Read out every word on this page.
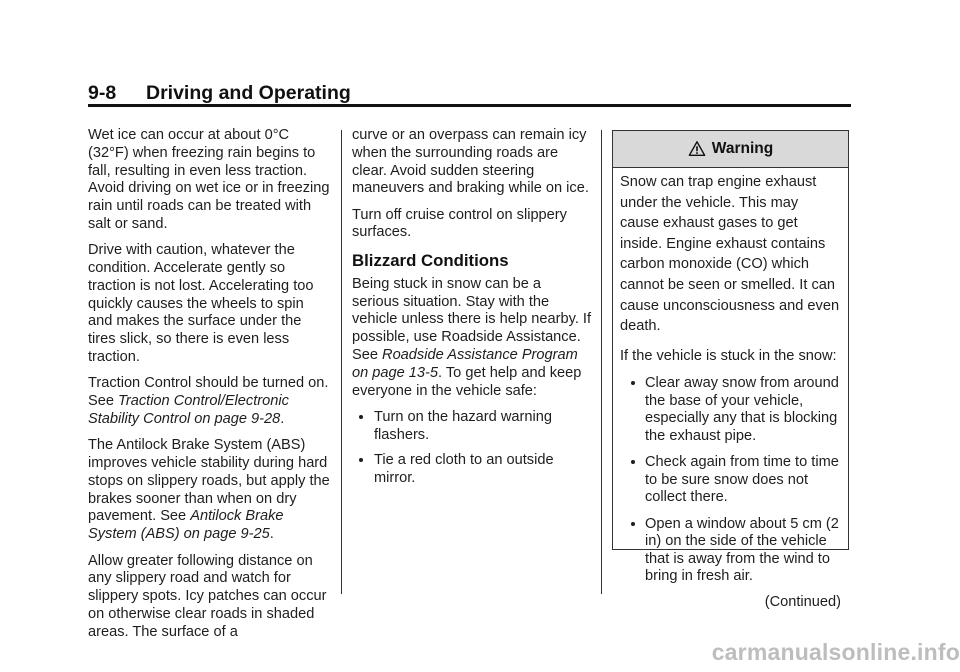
9-8 Driving and Operating

Wet ice can occur at about 0°C (32°F) when freezing rain begins to fall, resulting in even less traction. Avoid driving on wet ice or in freezing rain until roads can be treated with salt or sand.

Drive with caution, whatever the condition. Accelerate gently so traction is not lost. Accelerating too quickly causes the wheels to spin and makes the surface under the tires slick, so there is even less traction.

Traction Control should be turned on. See Traction Control/Electronic Stability Control on page 9‑28.

The Antilock Brake System (ABS) improves vehicle stability during hard stops on slippery roads, but apply the brakes sooner than when on dry pavement. See Antilock Brake System (ABS) on page 9‑25.

Allow greater following distance on any slippery road and watch for slippery spots. Icy patches can occur on otherwise clear roads in shaded areas. The surface of a

curve or an overpass can remain icy when the surrounding roads are clear. Avoid sudden steering maneuvers and braking while on ice.

Turn off cruise control on slippery surfaces.

Blizzard Conditions

Being stuck in snow can be a serious situation. Stay with the vehicle unless there is help nearby. If possible, use Roadside Assistance. See Roadside Assistance Program on page 13‑5. To get help and keep everyone in the vehicle safe:

Turn on the hazard warning flashers.
Tie a red cloth to an outside mirror.
Warning

Snow can trap engine exhaust under the vehicle. This may cause exhaust gases to get inside. Engine exhaust contains carbon monoxide (CO) which cannot be seen or smelled. It can cause unconsciousness and even death.

If the vehicle is stuck in the snow:

Clear away snow from around the base of your vehicle, especially any that is blocking the exhaust pipe.
Check again from time to time to be sure snow does not collect there.
Open a window about 5 cm (2 in) on the side of the vehicle that is away from the wind to bring in fresh air.
(Continued)
carmanualsonline.info
